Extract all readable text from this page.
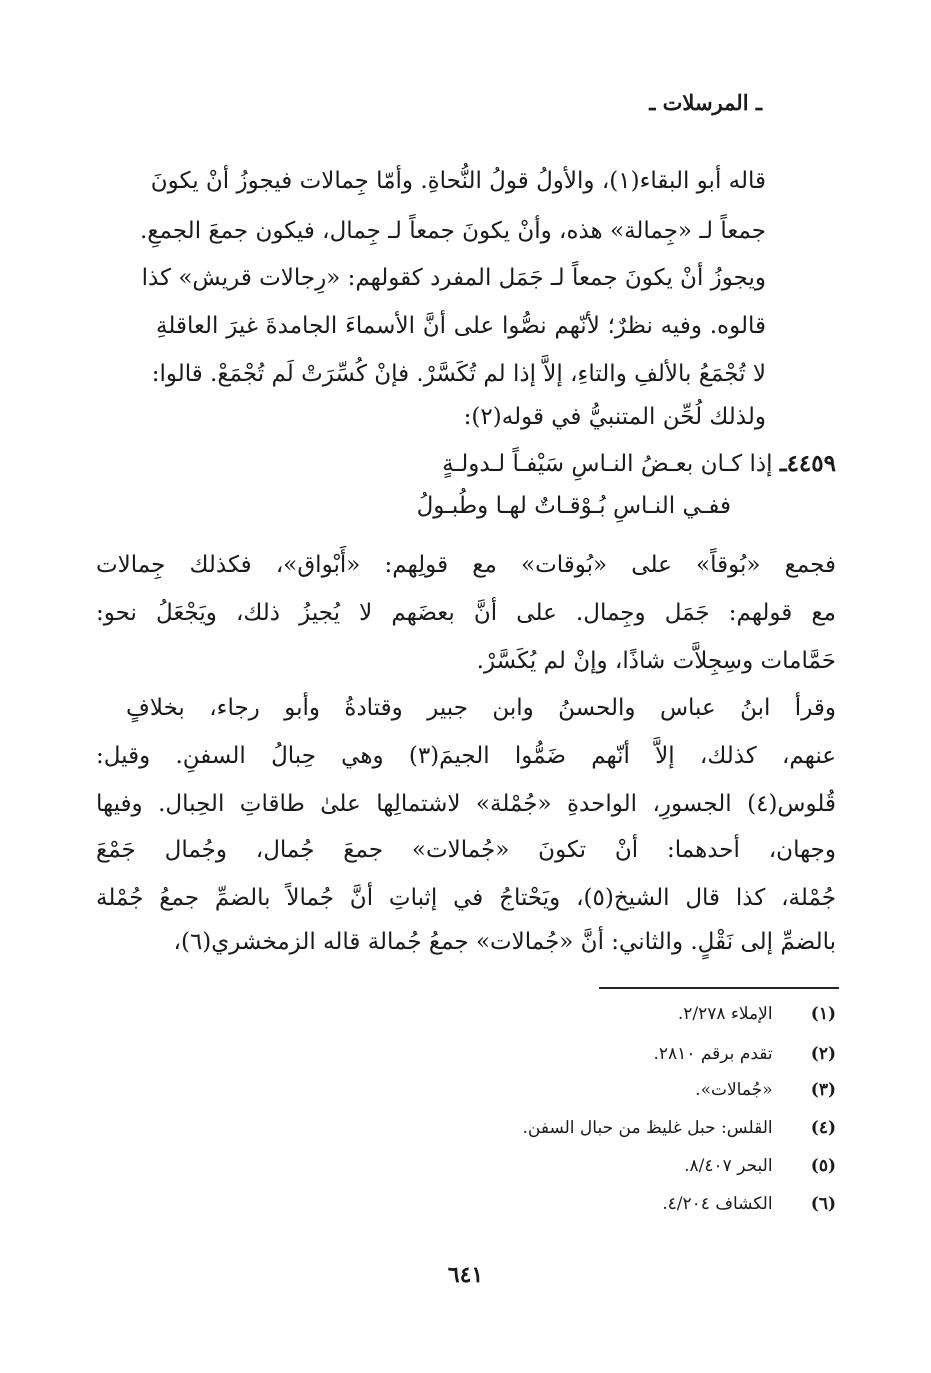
ـ المرسلات ـ
قاله أبو البقاء(١)، والأولُ قولُ النُّحاةِ. وأمّا جِمالات فيجوزُ أنْ يكونَ
جمعاً لـ «جِمالة» هذه، وأنْ يكونَ جمعاً لـ جِمال، فيكون جمعَ الجمعِ.
ويجوزُ أنْ يكونَ جمعاً لـ جَمَل المفرد كقولهم: «رِجالات قريش» كذا
قالوه. وفيه نظرٌ؛ لأنّهم نصُّوا على أنَّ الأسماءَ الجامدةَ غيرَ العاقلةِ
لا تُجْمَعُ بالألفِ والتاءِ، إلاَّ إذا لم تُكَسَّرْ. فإنْ كُسِّرَتْ لَم تُجْمَعْ. قالوا:
ولذلك لُحِّن المتنبيُّ في قوله(٢):
٤٤٥٩ـ إذا كـان بعـضُ النـاسِ سَيْفـاً لـدولـةٍ
ففـي النـاسِ بُـوْقـاتٌ لهـا وطُبـولُ
فجمع «بُوقاً» على «بُوقات» مع قولِهم: «أَبْواق»، فكذلك جِمالات
مع قولهم: جَمَل وجِمال. على أنَّ بعضَهم لا يُجيزُ ذلك، ويَجْعَلُ نحو:
حَمَّامات وسِجِلاَّت شاذًا، وإنْ لم يُكَسَّرْ.
وقرأ ابنُ عباس والحسنُ وابن جبير وقتادةُ وأبو رجاء، بخلافٍ
عنهم، كذلك، إلاَّ أنّهم ضَمُّوا الجيمَ(٣) وهي حِبالُ السفنِ. وقيل:
قُلوس(٤) الجسورِ، الواحدةِ «جُمْلة» لاشتمالِها علىٰ طاقاتِ الحِبال. وفيها
وجهان، أحدهما: أنْ تكونَ «جُمالات» جمعَ جُمال، وجُمال جَمْعَ
جُمْلة، كذا قال الشيخ(٥)، ويَحْتاجُ في إثباتِ أنَّ جُمالاً بالضمِّ جمعُ جُمْلة
بالضمِّ إلى نَقْلٍ. والثاني: أنَّ «جُمالات» جمعُ جُمالة قاله الزمخشري(٦)،
(١) الإملاء ٢/٢٧٨.
(٢) تقدم برقم ٢٨١٠.
(٣) «جُمالات».
(٤) القلس: حبل غليظ من حبال السفن.
(٥) البحر ٨/٤٠٧.
(٦) الكشاف ٤/٢٠٤.
٦٤١
